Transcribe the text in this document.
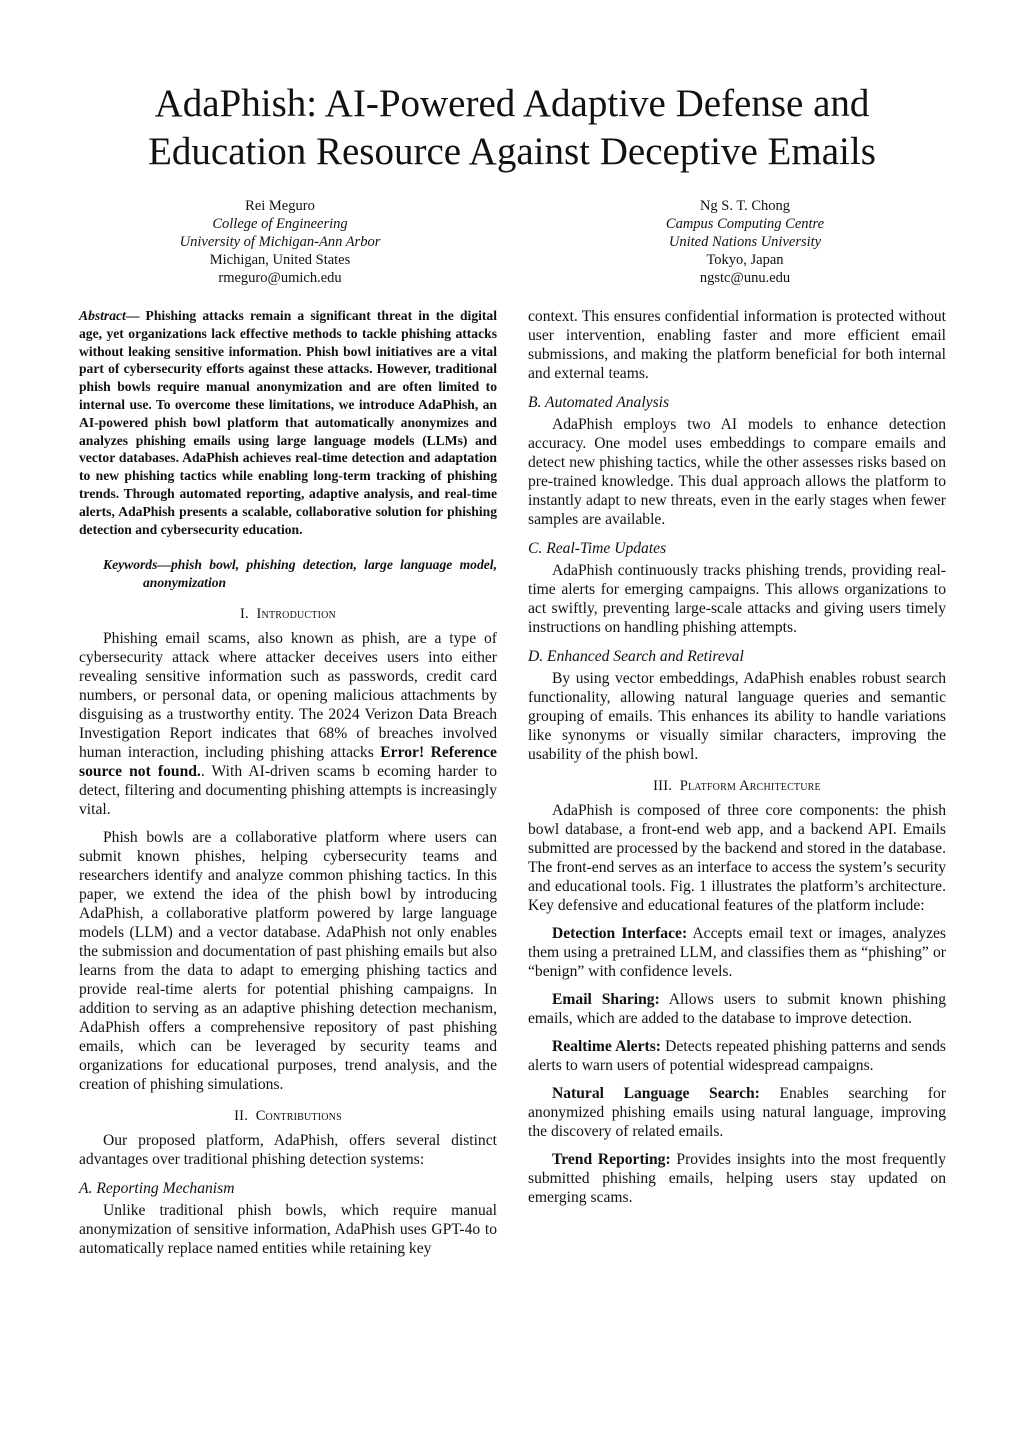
AdaPhish: AI-Powered Adaptive Defense and
Education Resource Against Deceptive Emails
Rei Meguro
College of Engineering
University of Michigan-Ann Arbor
Michigan, United States
rmeguro@umich.edu
Ng S. T. Chong
Campus Computing Centre
United Nations University
Tokyo, Japan
ngstc@unu.edu

Abstract— Phishing attacks remain a significant threat in the digital age, yet organizations lack effective methods to tackle phishing attacks without leaking sensitive information. Phish bowl initiatives are a vital part of cybersecurity efforts against these attacks. However, traditional phish bowls require manual anonymization and are often limited to internal use. To overcome these limitations, we introduce AdaPhish, an AI-powered phish bowl platform that automatically anonymizes and analyzes phishing emails using large language models (LLMs) and vector databases. AdaPhish achieves real-time detection and adaptation to new phishing tactics while enabling long-term tracking of phishing trends. Through automated reporting, adaptive analysis, and real-time alerts, AdaPhish presents a scalable, collaborative solution for phishing detection and cybersecurity education.

Keywords—phish bowl, phishing detection, large language model, anonymization

I. Introduction

Phishing email scams, also known as phish, are a type of cybersecurity attack where attacker deceives users into either revealing sensitive information such as passwords, credit card numbers, or personal data, or opening malicious attachments by disguising as a trustworthy entity. The 2024 Verizon Data Breach Investigation Report indicates that 68% of breaches involved human interaction, including phishing attacks Error! Reference source not found.. With AI-driven scams b ecoming harder to detect, filtering and documenting phishing attempts is increasingly vital.

Phish bowls are a collaborative platform where users can submit known phishes, helping cybersecurity teams and researchers identify and analyze common phishing tactics. In this paper, we extend the idea of the phish bowl by introducing AdaPhish, a collaborative platform powered by large language models (LLM) and a vector database. AdaPhish not only enables the submission and documentation of past phishing emails but also learns from the data to adapt to emerging phishing tactics and provide real-time alerts for potential phishing campaigns. In addition to serving as an adaptive phishing detection mechanism, AdaPhish offers a comprehensive repository of past phishing emails, which can be leveraged by security teams and organizations for educational purposes, trend analysis, and the creation of phishing simulations.

II. Contributions

Our proposed platform, AdaPhish, offers several distinct advantages over traditional phishing detection systems:

A. Reporting Mechanism

Unlike traditional phish bowls, which require manual anonymization of sensitive information, AdaPhish uses GPT-4o to automatically replace named entities while retaining key

context. This ensures confidential information is protected without user intervention, enabling faster and more efficient email submissions, and making the platform beneficial for both internal and external teams.

B. Automated Analysis

AdaPhish employs two AI models to enhance detection accuracy. One model uses embeddings to compare emails and detect new phishing tactics, while the other assesses risks based on pre-trained knowledge. This dual approach allows the platform to instantly adapt to new threats, even in the early stages when fewer samples are available.

C. Real-Time Updates

AdaPhish continuously tracks phishing trends, providing real-time alerts for emerging campaigns. This allows organizations to act swiftly, preventing large-scale attacks and giving users timely instructions on handling phishing attempts.

D. Enhanced Search and Retireval

By using vector embeddings, AdaPhish enables robust search functionality, allowing natural language queries and semantic grouping of emails. This enhances its ability to handle variations like synonyms or visually similar characters, improving the usability of the phish bowl.

III. Platform Architecture

AdaPhish is composed of three core components: the phish bowl database, a front-end web app, and a backend API. Emails submitted are processed by the backend and stored in the database. The front-end serves as an interface to access the system’s security and educational tools. Fig. 1 illustrates the platform’s architecture. Key defensive and educational features of the platform include:

Detection Interface: Accepts email text or images, analyzes them using a pretrained LLM, and classifies them as “phishing” or “benign” with confidence levels.

Email Sharing: Allows users to submit known phishing emails, which are added to the database to improve detection.

Realtime Alerts: Detects repeated phishing patterns and sends alerts to warn users of potential widespread campaigns.

Natural Language Search: Enables searching for anonymized phishing emails using natural language, improving the discovery of related emails.

Trend Reporting: Provides insights into the most frequently submitted phishing emails, helping users stay updated on emerging scams.
